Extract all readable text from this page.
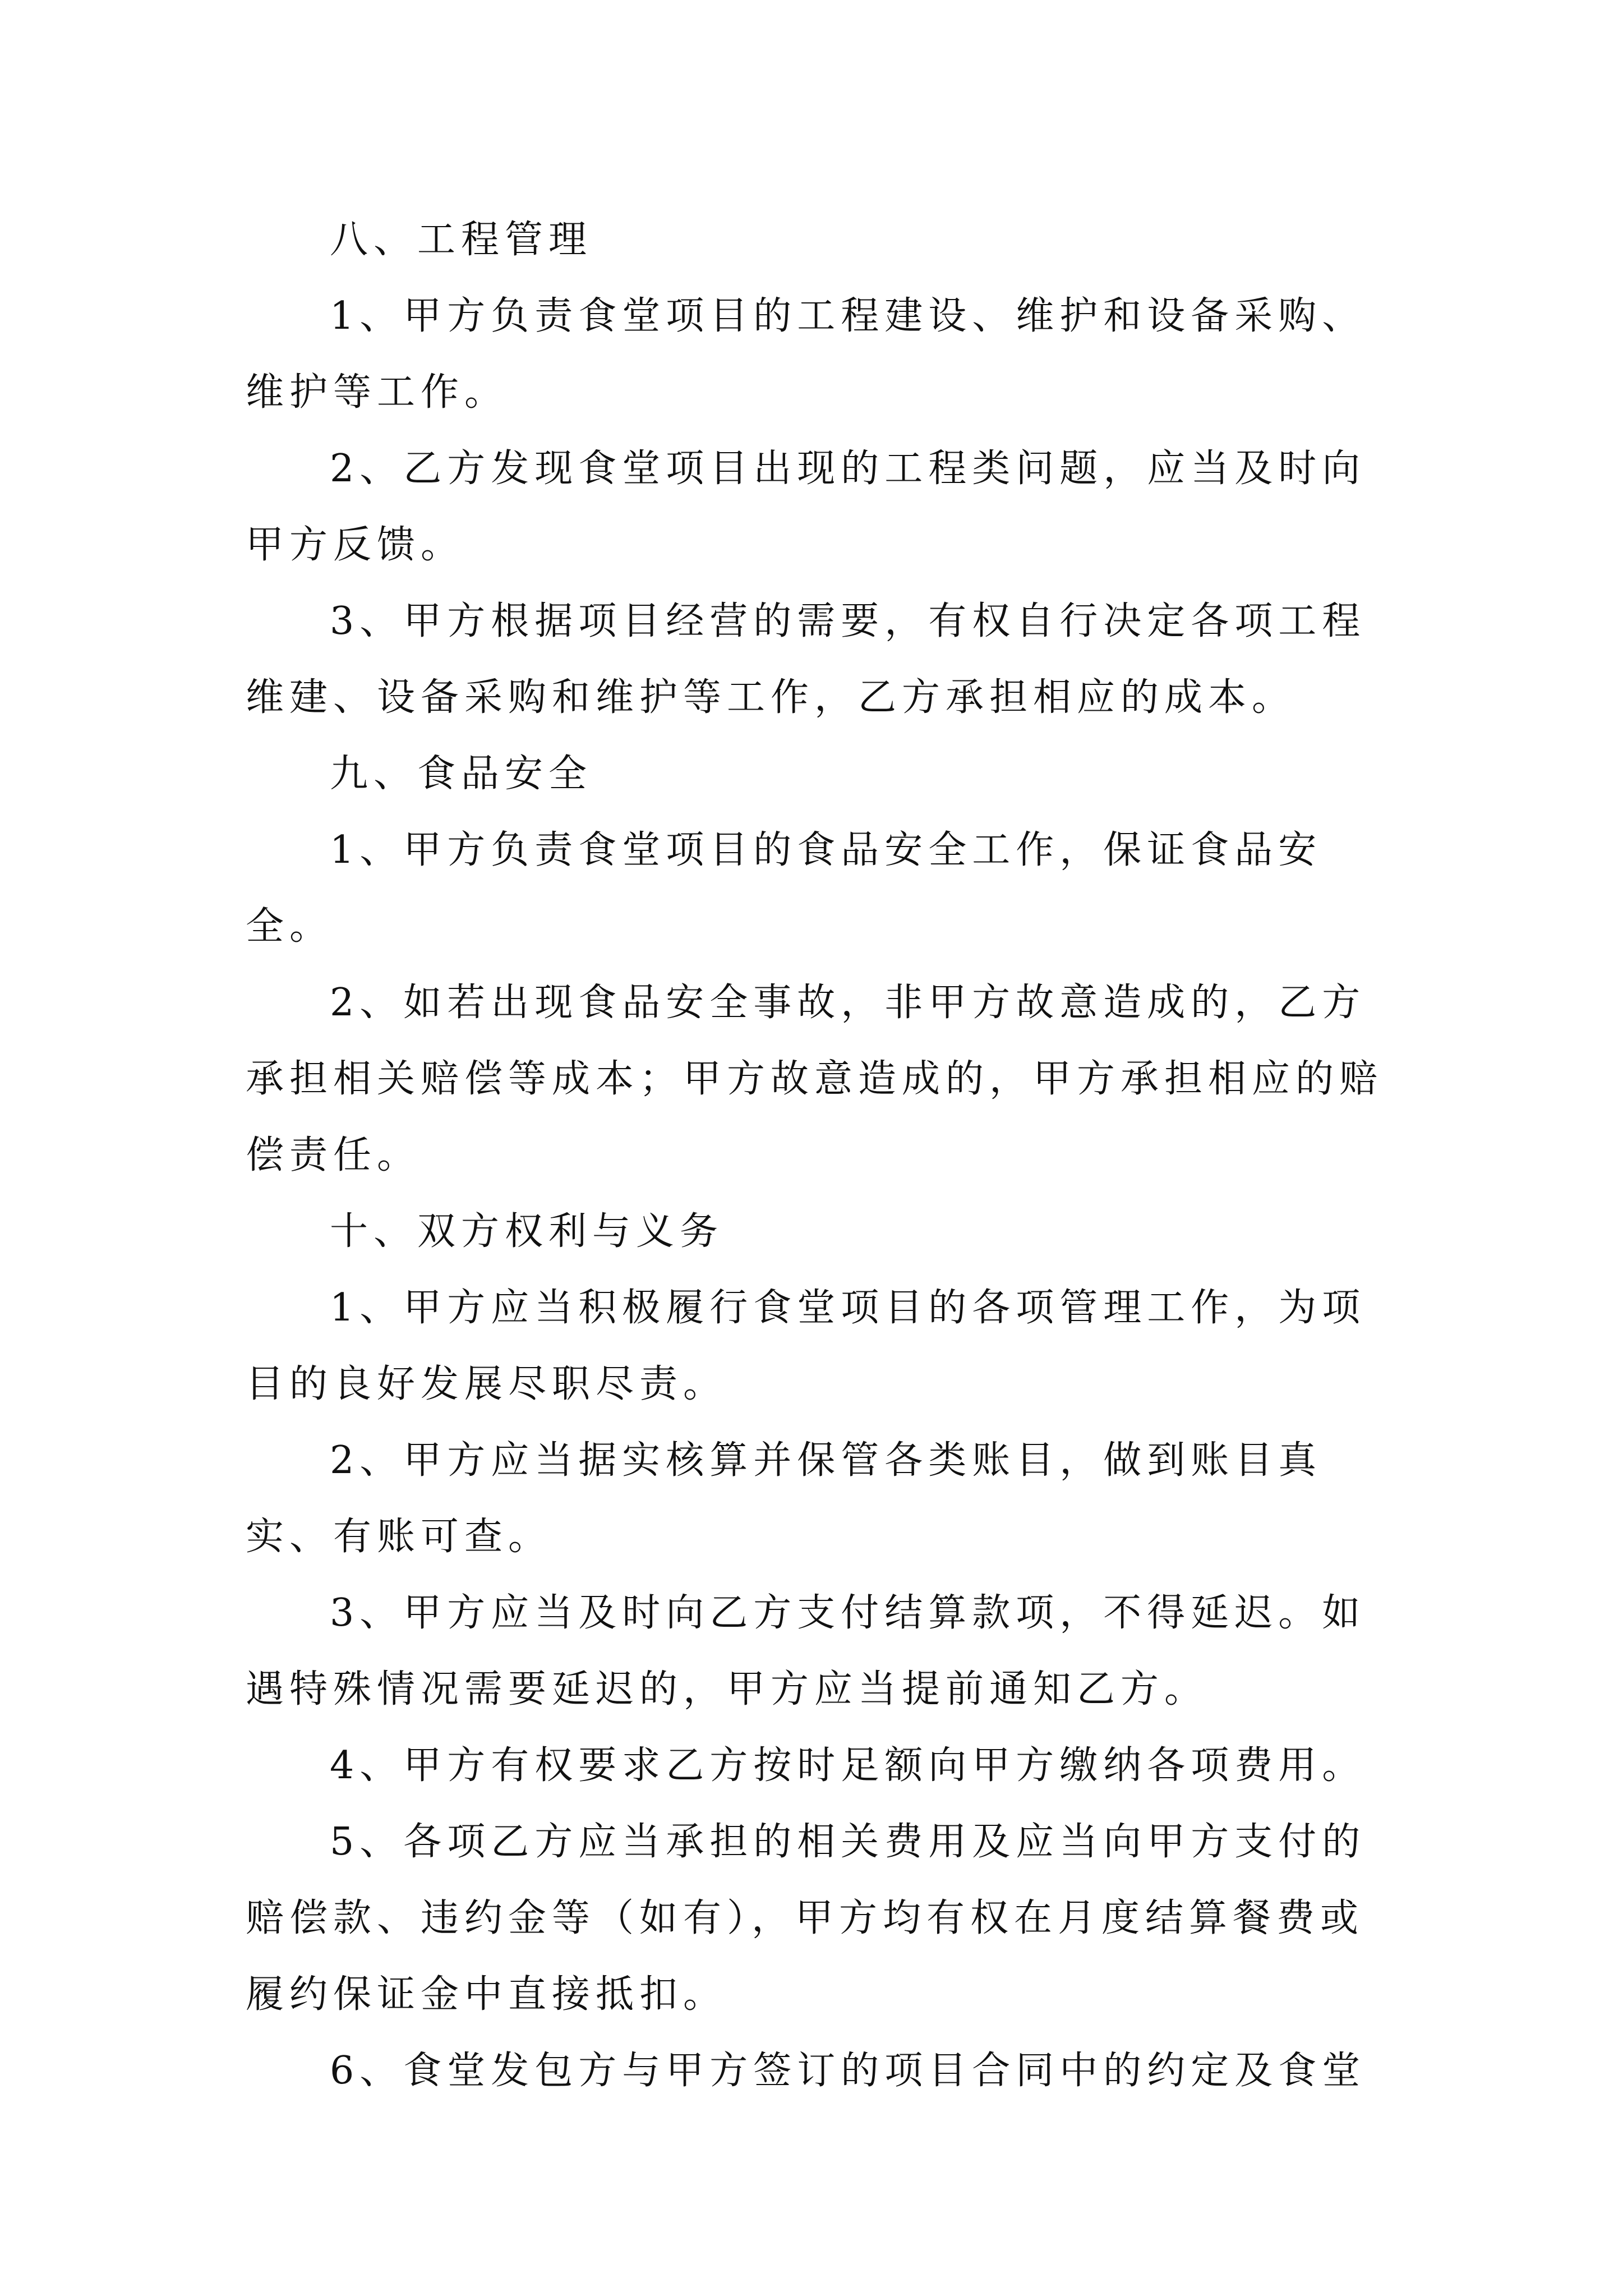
八、工程管理

1、甲方负责食堂项目的工程建设、维护和设备采购、维护等工作。

2、乙方发现食堂项目出现的工程类问题，应当及时向甲方反馈。

3、甲方根据项目经营的需要，有权自行决定各项工程维建、设备采购和维护等工作，乙方承担相应的成本。

九、食品安全

1、甲方负责食堂项目的食品安全工作，保证食品安全。

2、如若出现食品安全事故，非甲方故意造成的，乙方承担相关赔偿等成本；甲方故意造成的，甲方承担相应的赔偿责任。

十、双方权利与义务

1、甲方应当积极履行食堂项目的各项管理工作，为项目的良好发展尽职尽责。

2、甲方应当据实核算并保管各类账目，做到账目真实、有账可查。

3、甲方应当及时向乙方支付结算款项，不得延迟。如遇特殊情况需要延迟的，甲方应当提前通知乙方。

4、甲方有权要求乙方按时足额向甲方缴纳各项费用。

5、各项乙方应当承担的相关费用及应当向甲方支付的赔偿款、违约金等（如有），甲方均有权在月度结算餐费或履约保证金中直接抵扣。

6、食堂发包方与甲方签订的项目合同中的约定及食堂
